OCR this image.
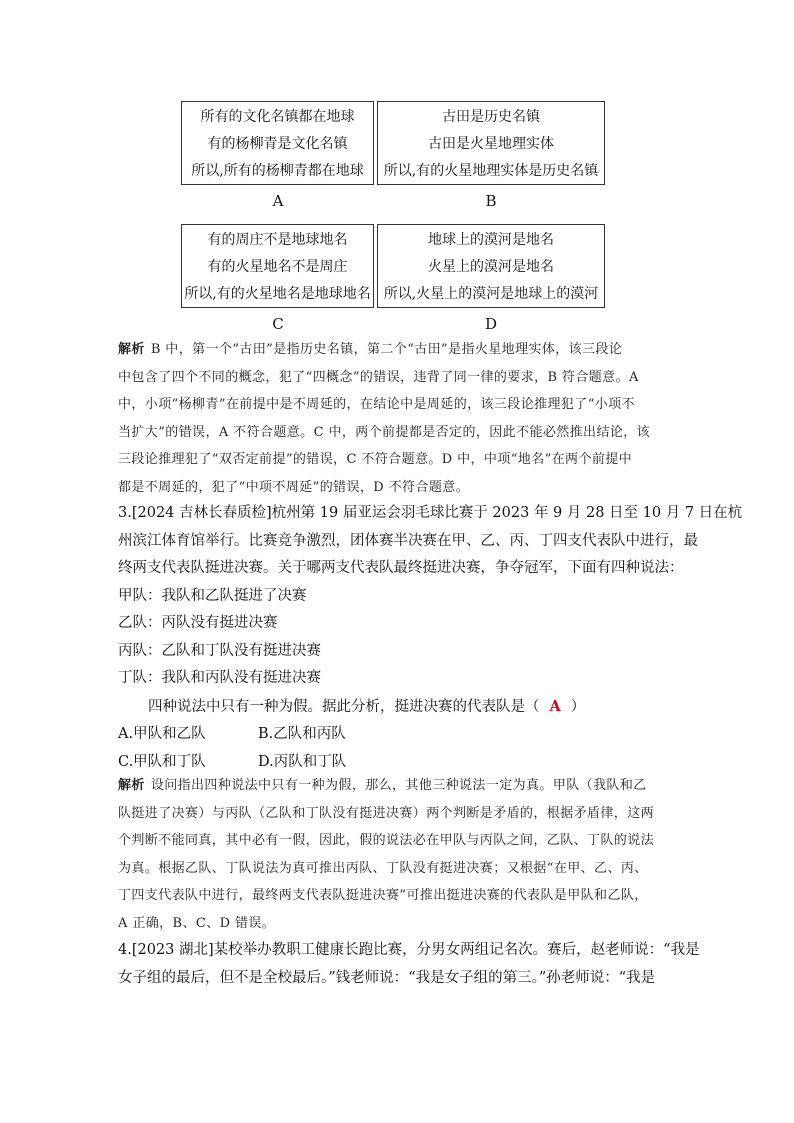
所有的文化名镇都在地球
有的杨柳青是文化名镇
所以,所有的杨柳青都在地球
古田是历史名镇
古田是火星地理实体
所以,有的火星地理实体是历史名镇
A	B
有的周庄不是地球地名
有的火星地名不是周庄
所以,有的火星地名是地球地名
地球上的漠河是地名
火星上的漠河是地名
所以,火星上的漠河是地球上的漠河
C	D
解析 B 中，第一个“古田”是指历史名镇，第二个“古田”是指火星地理实体，该三段论
中包含了四个不同的概念，犯了“四概念”的错误，违背了同一律的要求，B 符合题意。A
中，小项“杨柳青”在前提中是不周延的，在结论中是周延的，该三段论推理犯了“小项不
当扩大”的错误，A 不符合题意。C 中，两个前提都是否定的，因此不能必然推出结论，该
三段论推理犯了“双否定前提”的错误，C 不符合题意。D 中，中项“地名”在两个前提中
都是不周延的，犯了“中项不周延”的错误，D 不符合题意。
3.[2024 吉林长春质检]杭州第 19 届亚运会羽毛球比赛于 2023 年 9 月 28 日至 10 月 7 日在杭
州滨江体育馆举行。比赛竞争激烈，团体赛半决赛在甲、乙、丙、丁四支代表队中进行，最
终两支代表队挺进决赛。关于哪两支代表队最终挺进决赛，争夺冠军，下面有四种说法：
甲队：我队和乙队挺进了决赛
乙队：丙队没有挺进决赛
丙队：乙队和丁队没有挺进决赛
丁队：我队和丙队没有挺进决赛
四种说法中只有一种为假。据此分析，挺进决赛的代表队是（ A ）
A.甲队和乙队	B.乙队和丙队
C.甲队和丁队	D.丙队和丁队
解析 设问指出四种说法中只有一种为假，那么，其他三种说法一定为真。甲队（我队和乙
队挺进了决赛）与丙队（乙队和丁队没有挺进决赛）两个判断是矛盾的，根据矛盾律，这两
个判断不能同真，其中必有一假，因此，假的说法必在甲队与丙队之间，乙队、丁队的说法
为真。根据乙队、丁队说法为真可推出丙队、丁队没有挺进决赛；又根据“在甲、乙、丙、
丁四支代表队中进行，最终两支代表队挺进决赛”可推出挺进决赛的代表队是甲队和乙队，
A 正确，B、C、D 错误。
4.[2023 湖北]某校举办教职工健康长跑比赛，分男女两组记名次。赛后，赵老师说：“我是
女子组的最后，但不是全校最后。”钱老师说：“我是女子组的第三。”孙老师说：“我是
